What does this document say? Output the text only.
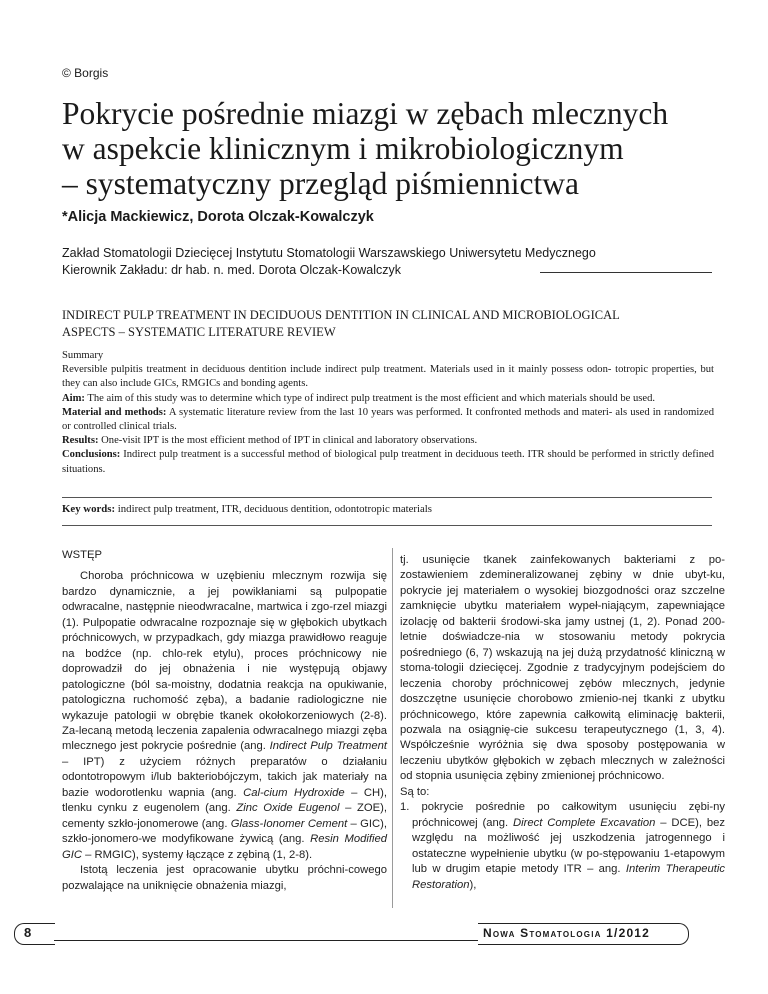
© Borgis
Pokrycie pośrednie miazgi w zębach mlecznych
w aspekcie klinicznym i mikrobiologicznym
– systematyczny przegląd piśmiennictwa
*Alicja Mackiewicz, Dorota Olczak-Kowalczyk
Zakład Stomatologii Dziecięcej Instytutu Stomatologii Warszawskiego Uniwersytetu Medycznego
Kierownik Zakładu: dr hab. n. med. Dorota Olczak-Kowalczyk
INDIRECT PULP TREATMENT IN DECIDUOUS DENTITION IN CLINICAL AND MICROBIOLOGICAL
ASPECTS – SYSTEMATIC LITERATURE REVIEW

Summary

Reversible pulpitis treatment in deciduous dentition include indirect pulp treatment. Materials used in it mainly possess odon- totropic properties, but they can also include GICs, RMGICs and bonding agents.

Aim: The aim of this study was to determine which type of indirect pulp treatment is the most efficient and which materials should be used.

Material and methods: A systematic literature review from the last 10 years was performed. It confronted methods and materi- als used in randomized or controlled clinical trials.

Results: One-visit IPT is the most efficient method of IPT in clinical and laboratory observations.

Conclusions: Indirect pulp treatment is a successful method of biological pulp treatment in deciduous teeth. ITR should be performed in strictly defined situations.

Key words: indirect pulp treatment, ITR, deciduous dentition, odontotropic materials

WSTĘP

Choroba próchnicowa w uzębieniu mlecznym rozwija się bardzo dynamicznie, a jej powikłaniami są pulpopatie odwracalne, następnie nieodwracalne, martwica i zgo-rzel miazgi (1). Pulpopatie odwracalne rozpoznaje się w głębokich ubytkach próchnicowych, w przypadkach, gdy miazga prawidłowo reaguje na bodźce (np. chlo-rek etylu), proces próchnicowy nie doprowadził do jej obnażenia i nie występują objawy patologiczne (ból sa-moistny, dodatnia reakcja na opukiwanie, patologiczna ruchomość zęba), a badanie radiologiczne nie wykazuje patologii w obrębie tkanek okołokorzeniowych (2-8). Za-lecaną metodą leczenia zapalenia odwracalnego miazgi zęba mlecznego jest pokrycie pośrednie (ang. Indirect Pulp Treatment – IPT) z użyciem różnych preparatów o działaniu odontotropowym i/lub bakteriobójczym, takich jak materiały na bazie wodorotlenku wapnia (ang. Cal-cium Hydroxide – CH), tlenku cynku z eugenolem (ang. Zinc Oxide Eugenol – ZOE), cementy szkło-jonomerowe (ang. Glass-Ionomer Cement – GIC), szkło-jonomero-we modyfikowane żywicą (ang. Resin Modified GIC – RMGIC), systemy łączące z zębiną (1, 2-8).

Istotą leczenia jest opracowanie ubytku próchni-cowego pozwalające na uniknięcie obnażenia miazgi,

tj. usunięcie tkanek zainfekowanych bakteriami z po-zostawieniem zdemineralizowanej zębiny w dnie ubyt-ku, pokrycie jej materiałem o wysokiej biozgodności oraz szczelne zamknięcie ubytku materiałem wypeł-niającym, zapewniające izolację od bakterii środowi-ska jamy ustnej (1, 2). Ponad 200-letnie doświadcze-nia w stosowaniu metody pokrycia pośredniego (6, 7) wskazują na jej dużą przydatność kliniczną w stoma-tologii dziecięcej. Zgodnie z tradycyjnym podejściem do leczenia choroby próchnicowej zębów mlecznych, jedynie doszczętne usunięcie chorobowo zmienio-nej tkanki z ubytku próchnicowego, które zapewnia całkowitą eliminację bakterii, pozwala na osiągnię-cie sukcesu terapeutycznego (1, 3, 4). Współcześnie wyróżnia się dwa sposoby postępowania w leczeniu ubytków głębokich w zębach mlecznych w zależności od stopnia usunięcia zębiny zmienionej próchnicowo.

Są to:

1. pokrycie pośrednie po całkowitym usunięciu zębi-ny próchnicowej (ang. Direct Complete Excavation – DCE), bez względu na możliwość jej uszkodzenia jatrogennego i ostateczne wypełnienie ubytku (w po-stępowaniu 1-etapowym lub w drugim etapie metody ITR – ang. Interim Therapeutic Restoration),

8	Nowa Stomatologia 1/2012
